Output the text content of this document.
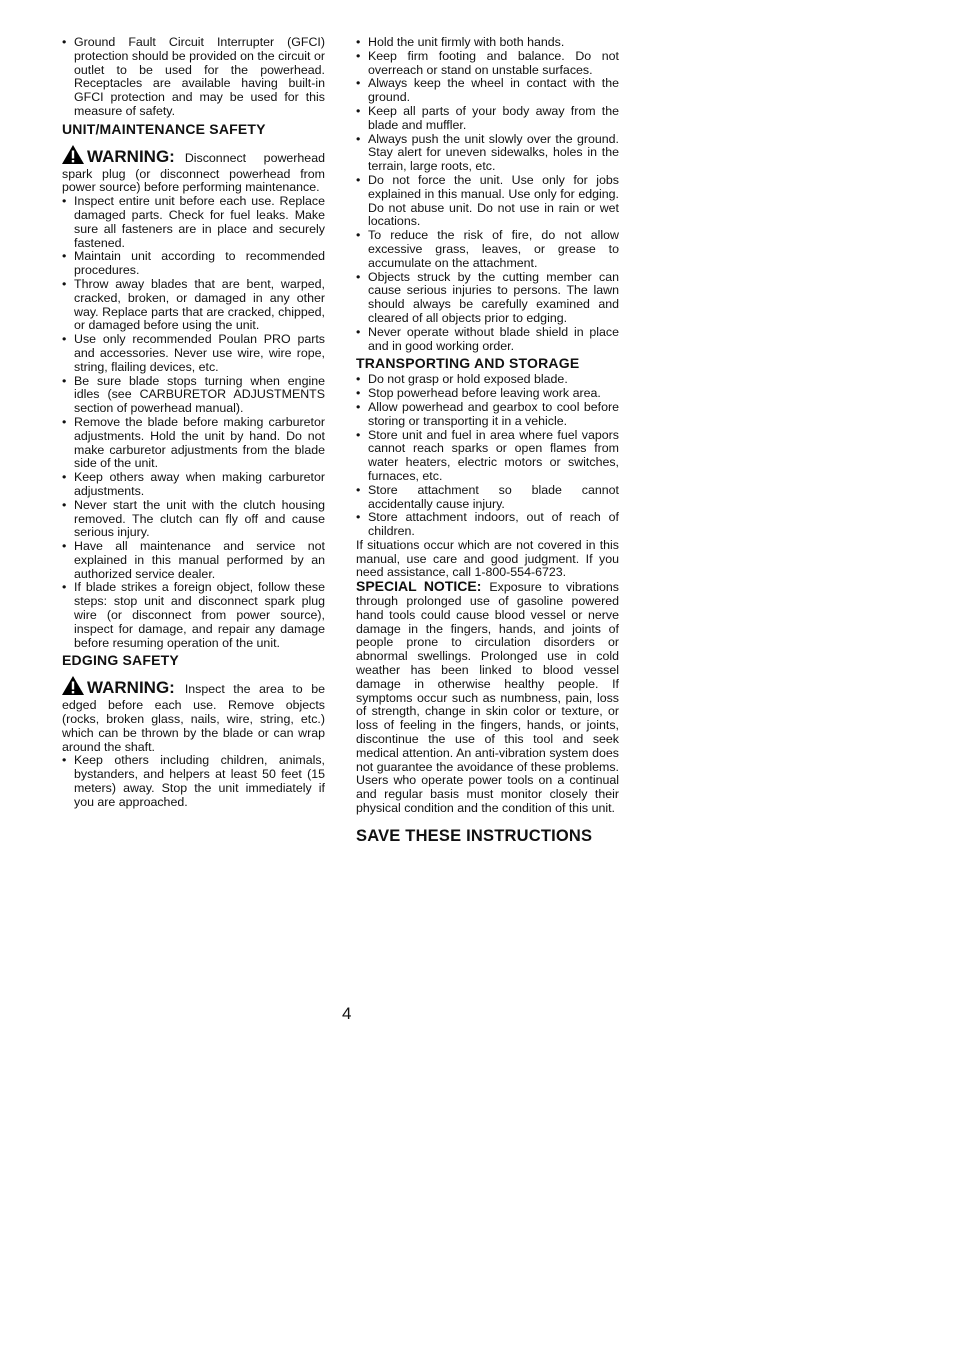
• Ground Fault Circuit Interrupter (GFCI) protection should be provided on the circuit or outlet to be used for the powerhead. Receptacles are available having built-in GFCI protection and may be used for this measure of safety.
UNIT/MAINTENANCE SAFETY

WARNING: Disconnect powerhead spark plug (or disconnect powerhead from power source) before performing maintenance.

• Inspect entire unit before each use. Replace damaged parts. Check for fuel leaks. Make sure all fasteners are in place and securely fastened.
• Maintain unit according to recommended procedures.
• Throw away blades that are bent, warped, cracked, broken, or damaged in any other way. Replace parts that are cracked, chipped, or damaged before using the unit.
• Use only recommended Poulan PRO parts and accessories. Never use wire, wire rope, string, flailing devices, etc.
• Be sure blade stops turning when engine idles (see CARBURETOR ADJUSTMENTS section of powerhead manual).
• Remove the blade before making carburetor adjustments. Hold the unit by hand. Do not make carburetor adjustments from the blade side of the unit.
• Keep others away when making carburetor adjustments.
• Never start the unit with the clutch housing removed. The clutch can fly off and cause serious injury.
• Have all maintenance and service not explained in this manual performed by an authorized service dealer.
• If blade strikes a foreign object, follow these steps: stop unit and disconnect spark plug wire (or disconnect from power source), inspect for damage, and repair any damage before resuming operation of the unit.
EDGING SAFETY

WARNING: Inspect the area to be edged before each use. Remove objects (rocks, broken glass, nails, wire, string, etc.) which can be thrown by the blade or can wrap around the shaft.

• Keep others including children, animals, bystanders, and helpers at least 50 feet (15 meters) away. Stop the unit immediately if you are approached.
• Hold the unit firmly with both hands.
• Keep firm footing and balance. Do not overreach or stand on unstable surfaces.
• Always keep the wheel in contact with the ground.
• Keep all parts of your body away from the blade and muffler.
• Always push the unit slowly over the ground. Stay alert for uneven sidewalks, holes in the terrain, large roots, etc.
• Do not force the unit. Use only for jobs explained in this manual. Use only for edging. Do not abuse unit. Do not use in rain or wet locations.
• To reduce the risk of fire, do not allow excessive grass, leaves, or grease to accumulate on the attachment.
• Objects struck by the cutting member can cause serious injuries to persons. The lawn should always be carefully examined and cleared of all objects prior to edging.
• Never operate without blade shield in place and in good working order.
TRANSPORTING AND STORAGE
• Do not grasp or hold exposed blade.
• Stop powerhead before leaving work area.
• Allow powerhead and gearbox to cool before storing or transporting it in a vehicle.
• Store unit and fuel in area where fuel vapors cannot reach sparks or open flames from water heaters, electric motors or switches, furnaces, etc.
• Store attachment so blade cannot accidentally cause injury.
• Store attachment indoors, out of reach of children.

If situations occur which are not covered in this manual, use care and good judgment. If you need assistance, call 1-800-554-6723.

SPECIAL NOTICE: Exposure to vibrations through prolonged use of gasoline powered hand tools could cause blood vessel or nerve damage in the fingers, hands, and joints of people prone to circulation disorders or abnormal swellings. Prolonged use in cold weather has been linked to blood vessel damage in otherwise healthy people. If symptoms occur such as numbness, pain, loss of strength, change in skin color or texture, or loss of feeling in the fingers, hands, or joints, discontinue the use of this tool and seek medical attention. An anti-vibration system does not guarantee the avoidance of these problems. Users who operate power tools on a continual and regular basis must monitor closely their physical condition and the condition of this unit.

SAVE THESE INSTRUCTIONS
4
